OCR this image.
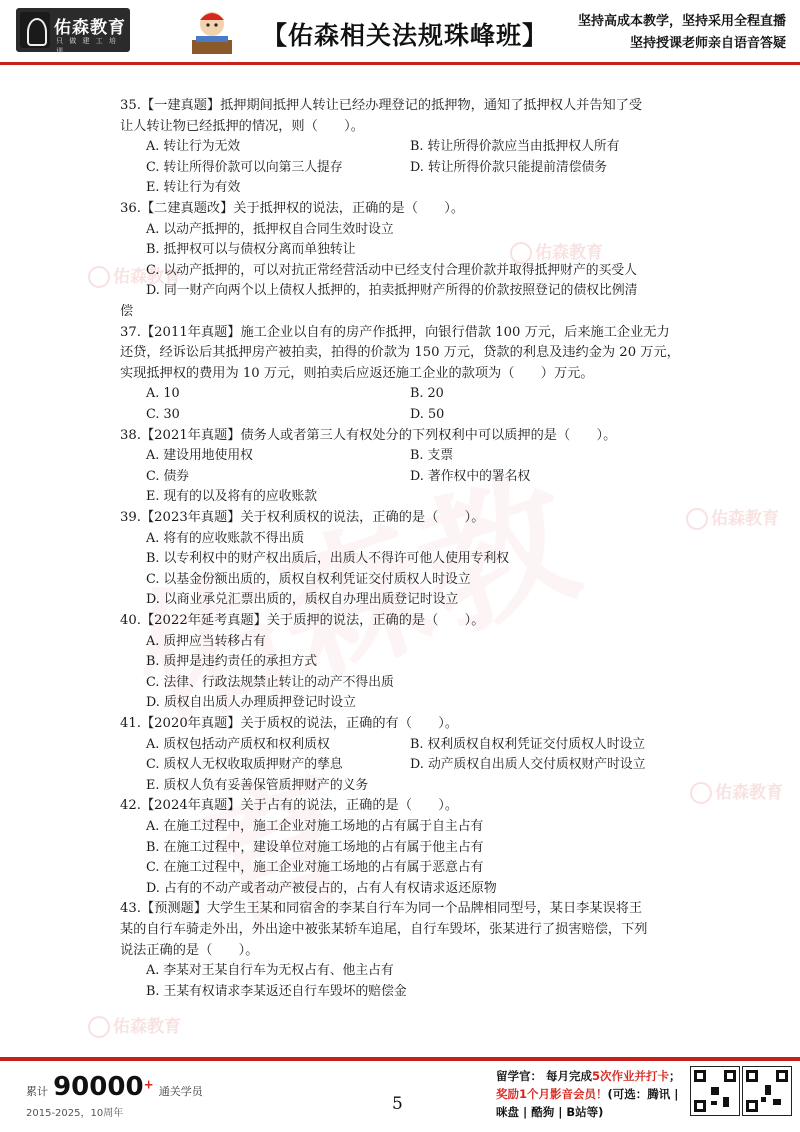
佑森教育
只 做 建 工 培 训
【佑森相关法规珠峰班】 坚持高成本教学，坚持采用全程直播
坚持授课老师亲自语音答疑
佑森教育
佑森教育
佑森教育
佑森教育
佑森教育
35.【一建真题】抵押期间抵押人转让已经办理登记的抵押物，通知了抵押权人并告知了受
让人转让物已经抵押的情况，则（　　）。
A. 转让行为无效	B. 转让所得价款应当由抵押权人所有
C. 转让所得价款可以向第三人提存	D. 转让所得价款只能提前清偿债务
E. 转让行为有效
36.【二建真题改】关于抵押权的说法，正确的是（　　）。
A. 以动产抵押的，抵押权自合同生效时设立
B. 抵押权可以与债权分离而单独转让
C. 以动产抵押的，可以对抗正常经营活动中已经支付合理价款并取得抵押财产的买受人
D. 同一财产向两个以上债权人抵押的，拍卖抵押财产所得的价款按照登记的债权比例清
偿
37.【2011年真题】施工企业以自有的房产作抵押，向银行借款 100 万元，后来施工企业无力
还贷，经诉讼后其抵押房产被拍卖，拍得的价款为 150 万元，贷款的利息及违约金为 20 万元，
实现抵押权的费用为 10 万元，则拍卖后应返还施工企业的款项为（　　）万元。
A. 10	B. 20
C. 30	D. 50
38.【2021年真题】债务人或者第三人有权处分的下列权利中可以质押的是（　　）。
A. 建设用地使用权	B. 支票
C. 债券	D. 著作权中的署名权
E. 现有的以及将有的应收账款
39.【2023年真题】关于权利质权的说法，正确的是（　　）。
A. 将有的应收账款不得出质
B. 以专利权中的财产权出质后，出质人不得许可他人使用专利权
C. 以基金份额出质的，质权自权利凭证交付质权人时设立
D. 以商业承兑汇票出质的，质权自办理出质登记时设立
40.【2022年延考真题】关于质押的说法，正确的是（　　）。
A. 质押应当转移占有
B. 质押是违约责任的承担方式
C. 法律、行政法规禁止转让的动产不得出质
D. 质权自出质人办理质押登记时设立
41.【2020年真题】关于质权的说法，正确的有（　　）。
A. 质权包括动产质权和权利质权	B. 权利质权自权利凭证交付质权人时设立
C. 质权人无权收取质押财产的孳息	D. 动产质权自出质人交付质权财产时设立
E. 质权人负有妥善保管质押财产的义务
42.【2024年真题】关于占有的说法，正确的是（　　）。
A. 在施工过程中，施工企业对施工场地的占有属于自主占有
B. 在施工过程中，建设单位对施工场地的占有属于他主占有
C. 在施工过程中，施工企业对施工场地的占有属于恶意占有
D. 占有的不动产或者动产被侵占的，占有人有权请求返还原物
43.【预测题】大学生王某和同宿舍的李某自行车为同一个品牌相同型号，某日李某误将王
某的自行车骑走外出，外出途中被张某轿车追尾，自行车毁坏，张某进行了损害赔偿，下列
说法正确的是（　　）。
A. 李某对王某自行车为无权占有、他主占有
B. 王某有权请求李某返还自行车毁坏的赔偿金
累计 90000+ 通关学员
2015-2025，10周年	5
留学官： 每月完成5次作业并打卡；
奖励1个月影音会员！(可选：腾讯 |
咪盘 | 酷狗 | B站等)
